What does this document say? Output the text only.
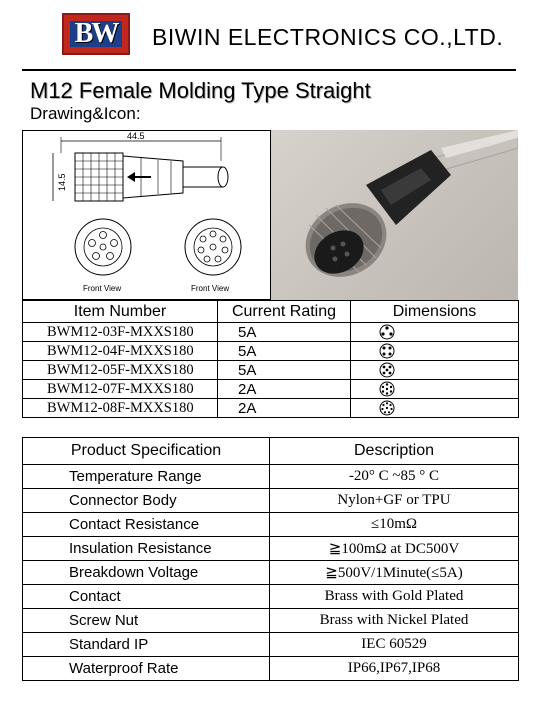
BW	BIWIN ELECTRONICS CO.,LTD.
M12 Female Molding Type Straight
Drawing&Icon:
44.5
14.5
Front View	Front View
Item Number	Current Rating	Dimensions
BWM12-03F-MXXS180	5A	
BWM12-04F-MXXS180	5A	
BWM12-05F-MXXS180	5A	
BWM12-07F-MXXS180	2A	
BWM12-08F-MXXS180	2A	
Product Specification	Description
Temperature Range	-20° C ~85 ° C
Connector Body	Nylon+GF or TPU
Contact Resistance	≤10mΩ
Insulation Resistance	≧100mΩ at DC500V
Breakdown Voltage	≧500V/1Minute(≤5A)
Contact	Brass with Gold Plated
Screw Nut	Brass with Nickel Plated
Standard IP	IEC 60529
Waterproof Rate	IP66,IP67,IP68
